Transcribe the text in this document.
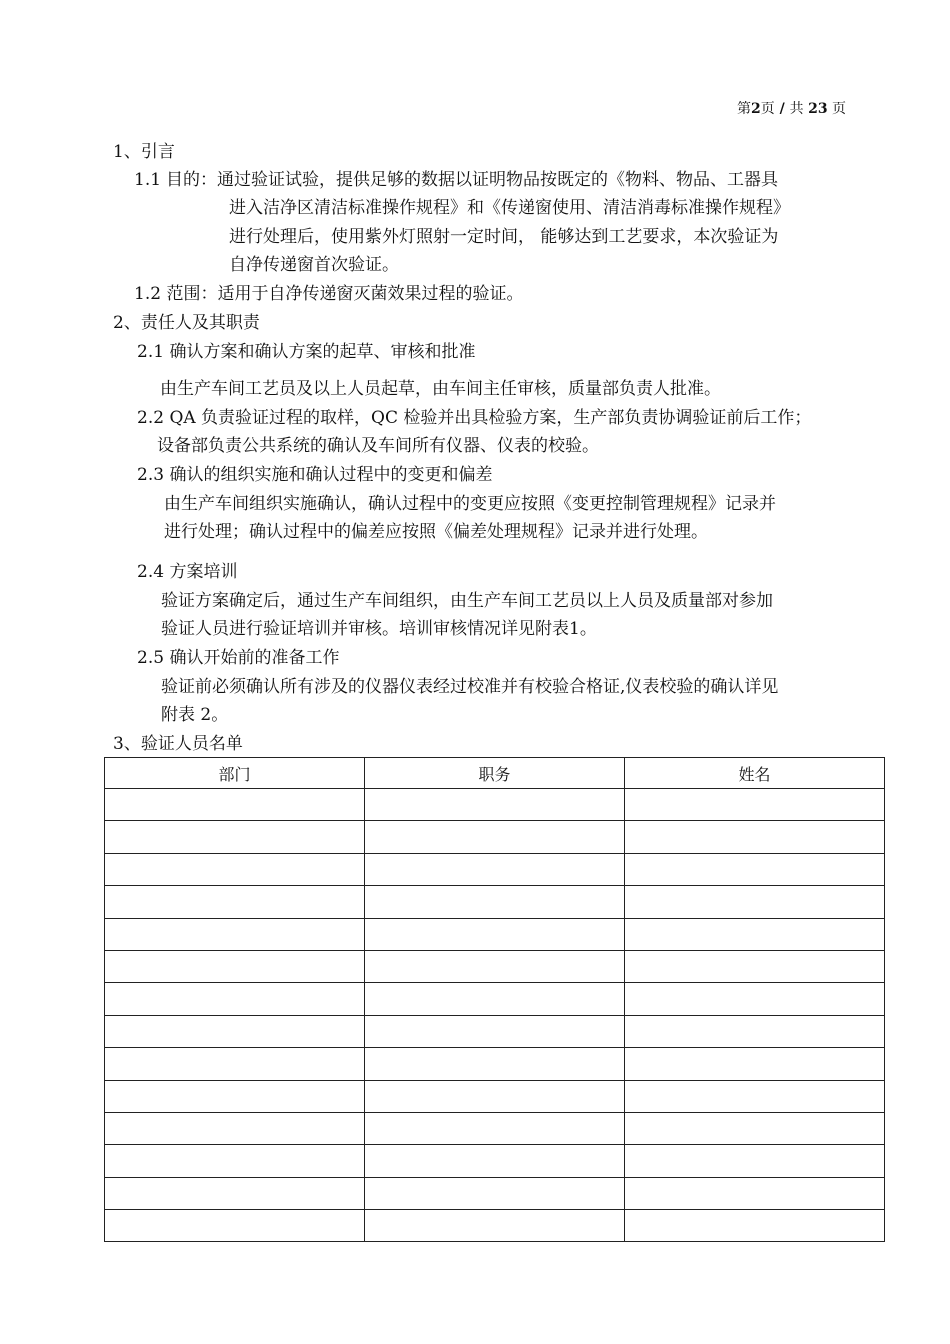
第2页 / 共 23 页
1、引言
1.1 目的：通过验证试验，提供足够的数据以证明物品按既定的《物料、物品、工器具
进入洁净区清洁标准操作规程》和《传递窗使用、清洁消毒标准操作规程》
进行处理后，使用紫外灯照射一定时间， 能够达到工艺要求，本次验证为
自净传递窗首次验证。
1.2 范围：适用于自净传递窗灭菌效果过程的验证。
2、责任人及其职责
2.1 确认方案和确认方案的起草、审核和批准
由生产车间工艺员及以上人员起草，由车间主任审核，质量部负责人批准。
2.2 QA 负责验证过程的取样，QC 检验并出具检验方案，生产部负责协调验证前后工作；
设备部负责公共系统的确认及车间所有仪器、仪表的校验。
2.3 确认的组织实施和确认过程中的变更和偏差
由生产车间组织实施确认，确认过程中的变更应按照《变更控制管理规程》记录并
进行处理；确认过程中的偏差应按照《偏差处理规程》记录并进行处理。
2.4 方案培训
验证方案确定后，通过生产车间组织，由生产车间工艺员以上人员及质量部对参加
验证人员进行验证培训并审核。培训审核情况详见附表1。
2.5 确认开始前的准备工作
验证前必须确认所有涉及的仪器仪表经过校准并有校验合格证,仪表校验的确认详见
附表 2。
3、验证人员名单
部门	职务	姓名
